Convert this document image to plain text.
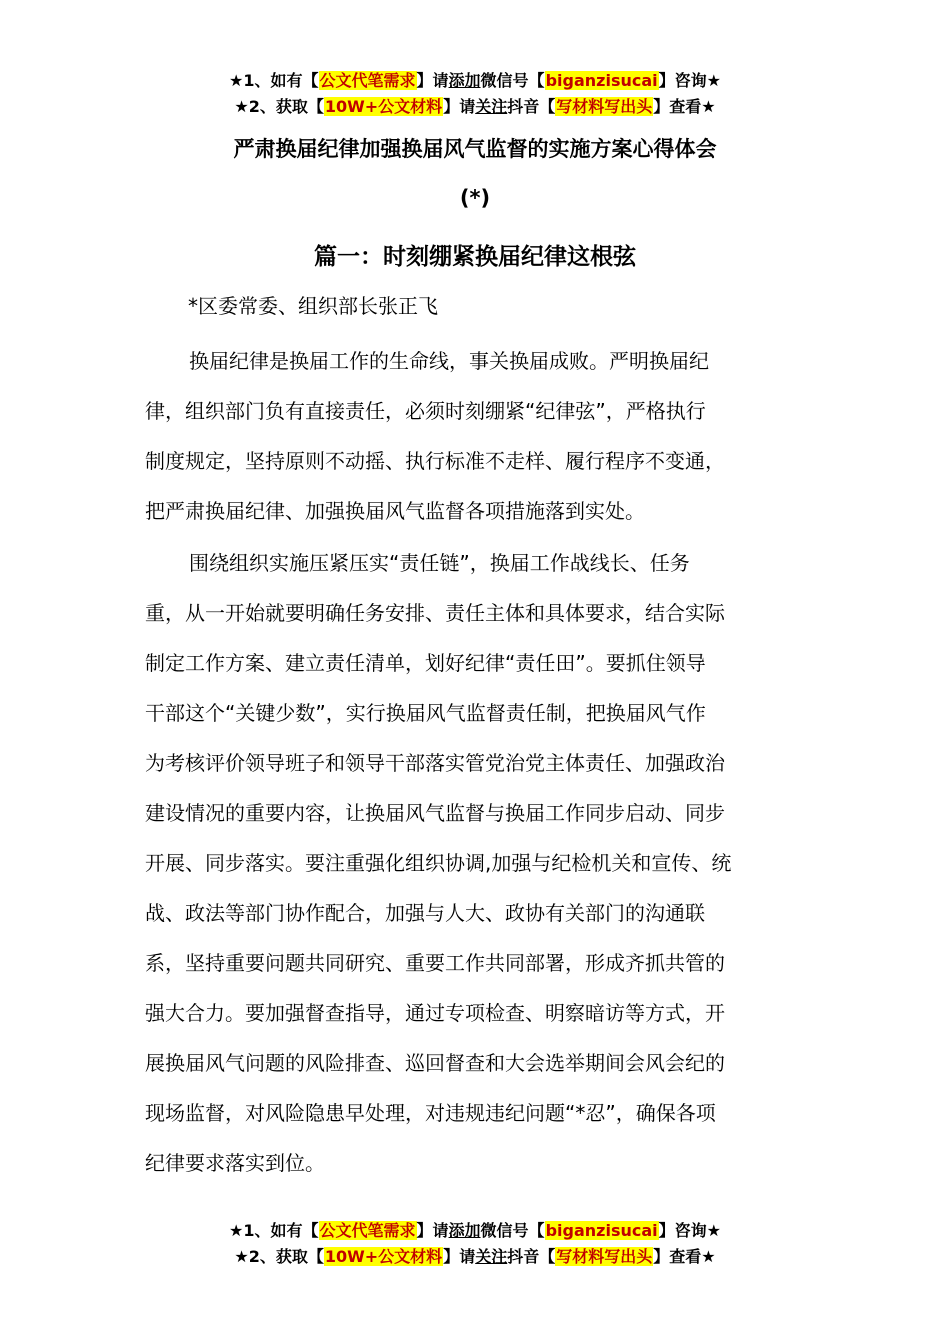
★1、如有【公文代笔需求】请添加微信号【biganzisucai】咨询★
★2、获取【10W+公文材料】请关注抖音【写材料写出头】查看★
严肃换届纪律加强换届风气监督的实施方案心得体会
(*)
篇一：时刻绷紧换届纪律这根弦
*区委常委、组织部长张正飞
换届纪律是换届工作的生命线，事关换届成败。严明换届纪
律，组织部门负有直接责任，必须时刻绷紧“纪律弦”，严格执行
制度规定，坚持原则不动摇、执行标准不走样、履行程序不变通，
把严肃换届纪律、加强换届风气监督各项措施落到实处。
围绕组织实施压紧压实“责任链”，换届工作战线长、任务
重，从一开始就要明确任务安排、责任主体和具体要求，结合实际
制定工作方案、建立责任清单，划好纪律“责任田”。要抓住领导
干部这个“关键少数”，实行换届风气监督责任制，把换届风气作
为考核评价领导班子和领导干部落实管党治党主体责任、加强政治
建设情况的重要内容，让换届风气监督与换届工作同步启动、同步
开展、同步落实。要注重强化组织协调,加强与纪检机关和宣传、统
战、政法等部门协作配合，加强与人大、政协有关部门的沟通联
系，坚持重要问题共同研究、重要工作共同部署，形成齐抓共管的
强大合力。要加强督查指导，通过专项检查、明察暗访等方式，开
展换届风气问题的风险排查、巡回督查和大会选举期间会风会纪的
现场监督，对风险隐患早处理，对违规违纪问题“*忍”，确保各项
纪律要求落实到位。
★1、如有【公文代笔需求】请添加微信号【biganzisucai】咨询★
★2、获取【10W+公文材料】请关注抖音【写材料写出头】查看★
